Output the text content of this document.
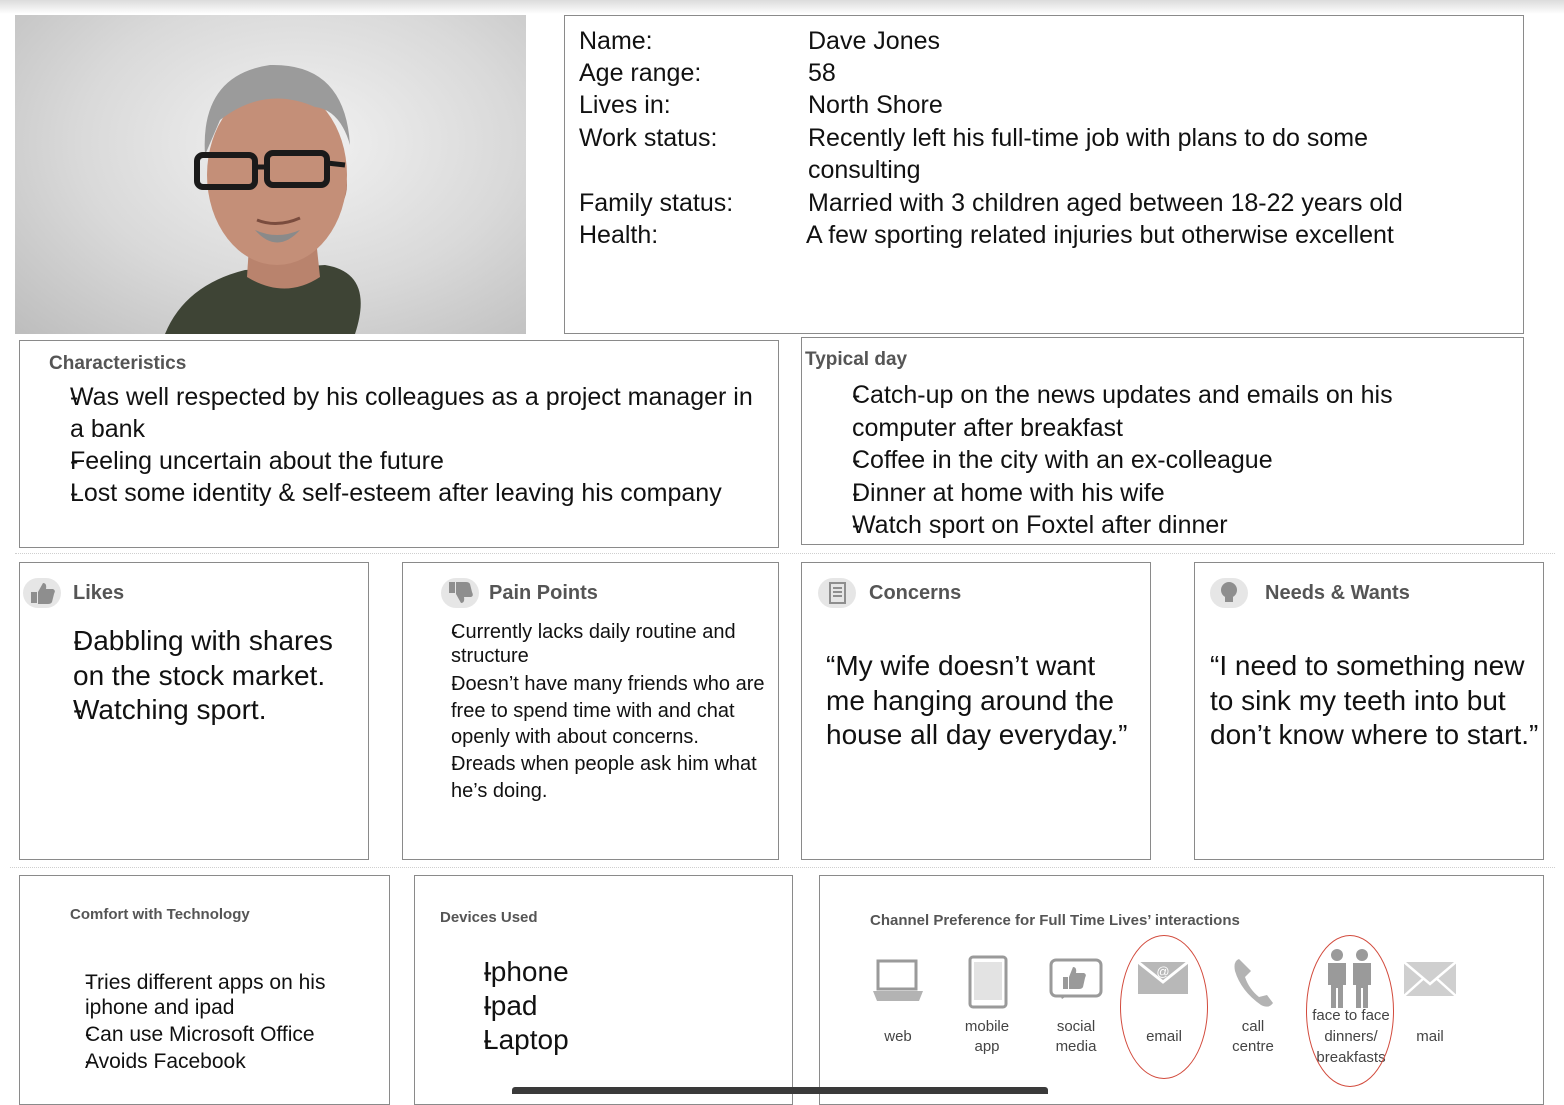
Name:	Dave Jones
Age range:	58
Lives in:	North Shore
Work status:	Recently left his full-time job with plans to do some consulting
Family status:	Married with 3 children aged between 18-22 years old
Health:	A few sporting related injuries but otherwise excellent
Characteristics
- Was well respected by his colleagues as a project manager in a bank
- Feeling uncertain about the future
- Lost some identity & self-esteem after leaving his company
Typical day
- Catch-up on the news updates and emails on his computer after breakfast
- Coffee in the city with an ex-colleague
- Dinner at home with his wife
- Watch sport on Foxtel after dinner
Likes
- Dabbling with shares on the stock market.
- Watching sport.
Pain Points
- Currently lacks daily routine and structure
- Doesn’t have many friends who are free to spend time with and chat openly with about concerns.
- Dreads when people ask him what he’s doing.
Concerns
“My wife doesn’t want me hanging around the house all day everyday.”
Needs & Wants
“I need to something new to sink my teeth into but don’t know where to start.”
Comfort with Technology
- Tries different apps on his iphone and ipad
- Can use Microsoft Office
- Avoids Facebook
Devices Used
- Iphone
- Ipad
- Laptop
Channel Preference for Full Time Lives’ interactions
web
mobile
app
social
media
@
email
call
centre
face to face
dinners/
breakfasts
mail
